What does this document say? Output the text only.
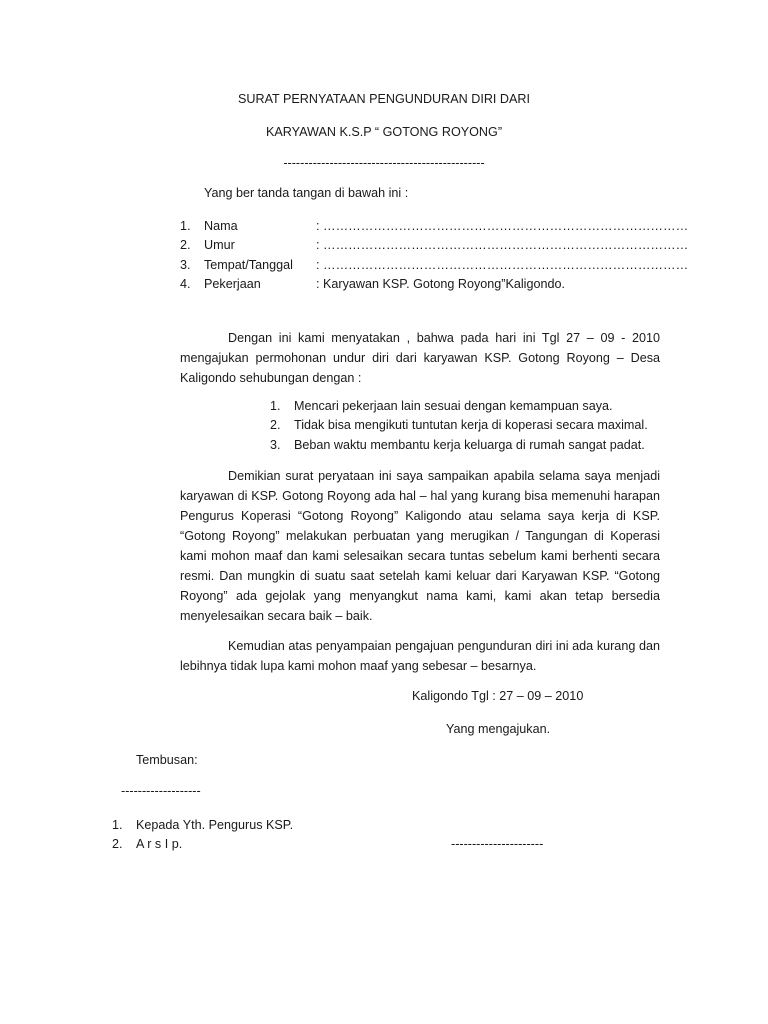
SURAT PERNYATAAN PENGUNDURAN DIRI DARI
KARYAWAN K.S.P “ GOTONG ROYONG”
------------------------------------------------
Yang ber tanda tangan di bawah ini :
1. Nama	: ……………………………………………………………………………
2. Umur	: ……………………………………………………………………………
3. Tempat/Tanggal : ……………………………………………………………………………
4. Pekerjaan	: Karyawan KSP. Gotong Royong”Kaligondo.
Dengan ini kami menyatakan , bahwa pada hari ini Tgl 27 – 09 - 2010 mengajukan permohonan undur diri dari karyawan KSP. Gotong Royong – Desa Kaligondo sehubungan dengan :
1. Mencari pekerjaan lain sesuai dengan kemampuan saya.
2. Tidak bisa mengikuti tuntutan kerja di koperasi secara maximal.
3. Beban waktu membantu kerja keluarga di rumah sangat padat.
Demikian surat peryataan ini saya sampaikan apabila selama saya menjadi karyawan di KSP. Gotong Royong ada hal – hal yang kurang bisa memenuhi harapan Pengurus Koperasi “Gotong Royong” Kaligondo atau selama saya kerja di KSP. “Gotong Royong” melakukan perbuatan yang merugikan / Tangungan di Koperasi kami mohon maaf dan kami selesaikan secara tuntas sebelum kami berhenti secara resmi. Dan mungkin di suatu saat setelah kami keluar dari Karyawan KSP. “Gotong Royong” ada gejolak yang menyangkut nama kami, kami akan tetap bersedia menyelesaikan secara baik – baik.
Kemudian atas penyampaian pengajuan pengunduran diri ini ada kurang dan lebihnya tidak lupa kami mohon maaf yang sebesar – besarnya.
Kaligondo Tgl : 27 – 09 – 2010
Yang mengajukan.
Tembusan:
-------------------
1. Kepada Yth. Pengurus KSP.
2. A r s I p.	----------------------
